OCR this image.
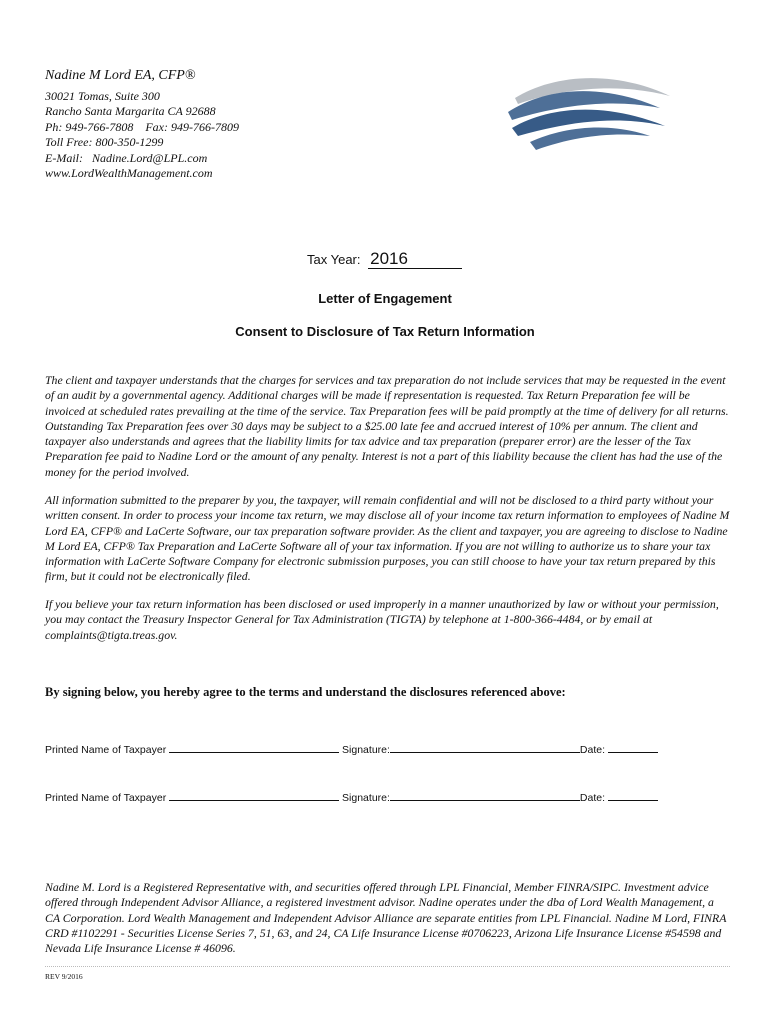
Nadine M Lord EA, CFP®
30021 Tomas, Suite 300
Rancho Santa Margarita CA 92688
Ph: 949-766-7808    Fax: 949-766-7809
Toll Free: 800-350-1299
E-Mail:   Nadine.Lord@LPL.com
www.LordWealthManagement.com
Tax Year: 2016
Letter of Engagement
Consent to Disclosure of Tax Return Information

The client and taxpayer understands that the charges for services and tax preparation do not include services that may be requested in the event of an audit by a governmental agency. Additional charges will be made if representation is requested. Tax Return Preparation fee will be invoiced at scheduled rates prevailing at the time of the service. Tax Preparation fees will be paid promptly at the time of delivery for all returns. Outstanding Tax Preparation fees over 30 days may be subject to a $25.00 late fee and accrued interest of 10% per annum. The client and taxpayer also understands and agrees that the liability limits for tax advice and tax preparation (preparer error) are the lesser of the Tax Preparation fee paid to Nadine Lord or the amount of any penalty. Interest is not a part of this liability because the client has had the use of the money for the period involved.

All information submitted to the preparer by you, the taxpayer, will remain confidential and will not be disclosed to a third party without your written consent. In order to process your income tax return, we may disclose all of your income tax return information to employees of Nadine M Lord EA, CFP® and LaCerte Software, our tax preparation software provider. As the client and taxpayer, you are agreeing to disclose to Nadine M Lord EA, CFP® Tax Preparation and LaCerte Software all of your tax information. If you are not willing to authorize us to share your tax information with LaCerte Software Company for electronic submission purposes, you can still choose to have your tax return prepared by this firm, but it could not be electronically filed.

If you believe your tax return information has been disclosed or used improperly in a manner unauthorized by law or without your permission, you may contact the Treasury Inspector General for Tax Administration (TIGTA) by telephone at 1-800-366-4484, or by email at complaints@tigta.treas.gov.

By signing below, you hereby agree to the terms and understand the disclosures referenced above:
Printed Name of Taxpayer	Signature:	Date:
Printed Name of Taxpayer	Signature:	Date:

Nadine M. Lord is a Registered Representative with, and securities offered through LPL Financial, Member FINRA/SIPC. Investment advice offered through Independent Advisor Alliance, a registered investment advisor. Nadine operates under the dba of Lord Wealth Management, a CA Corporation. Lord Wealth Management and Independent Advisor Alliance are separate entities from LPL Financial. Nadine M Lord, FINRA CRD #1102291 - Securities License Series 7, 51, 63, and 24, CA Life Insurance License #0706223, Arizona Life Insurance License #54598 and Nevada Life Insurance License # 46096.

REV 9/2016
